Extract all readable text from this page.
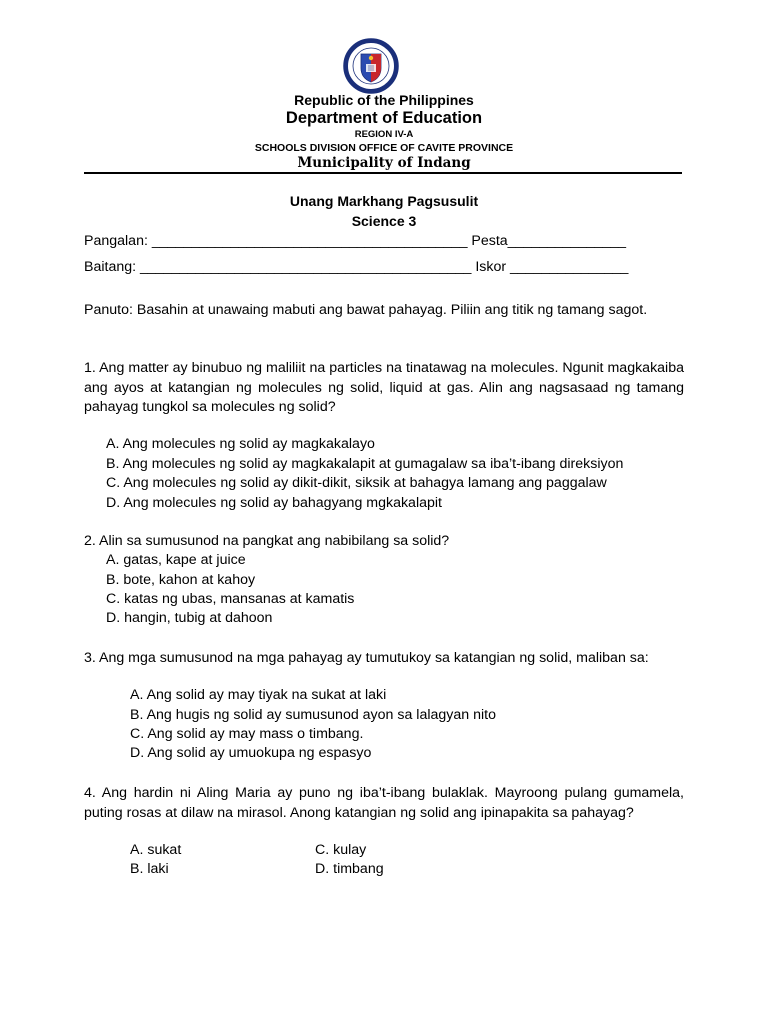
Republic of the Philippines
Department of Education
REGION IV-A
SCHOOLS DIVISION OFFICE OF CAVITE PROVINCE
Municipality of Indang
Unang Markhang Pagsusulit
Science 3
Pangalan: ________________________________________ Pesta_______________
Baitang: __________________________________________ Iskor _______________
Panuto: Basahin at unawaing mabuti ang bawat pahayag. Piliin ang titik ng tamang sagot.
1. Ang matter ay binubuo ng maliliit na particles na tinatawag na molecules. Ngunit magkakaiba ang ayos at katangian ng molecules ng solid, liquid at gas. Alin ang nagsasaad ng tamang pahayag tungkol sa molecules ng solid?
A. Ang molecules ng solid ay magkakalayo
B. Ang molecules ng solid ay magkakalapit at gumagalaw sa iba’t-ibang direksiyon
C. Ang molecules ng solid ay dikit-dikit, siksik at bahagya lamang ang paggalaw
D. Ang molecules ng solid ay bahagyang mgkakalapit
2. Alin sa sumusunod na pangkat ang nabibilang sa solid?
A. gatas, kape at juice
B. bote, kahon at kahoy
C. katas ng ubas, mansanas at kamatis
D. hangin, tubig at dahoon
3. Ang mga sumusunod na mga pahayag ay tumutukoy sa katangian ng solid, maliban sa:
A. Ang solid ay may tiyak na sukat at laki
B. Ang hugis ng solid ay sumusunod ayon sa lalagyan nito
C. Ang solid ay may mass o timbang.
D. Ang solid ay umuokupa ng espasyo
4. Ang hardin ni Aling Maria ay puno ng iba’t-ibang bulaklak. Mayroong pulang gumamela, puting rosas at dilaw na mirasol. Anong katangian ng solid ang ipinapakita sa pahayag?
A. sukat	C. kulay
B. laki	D. timbang
